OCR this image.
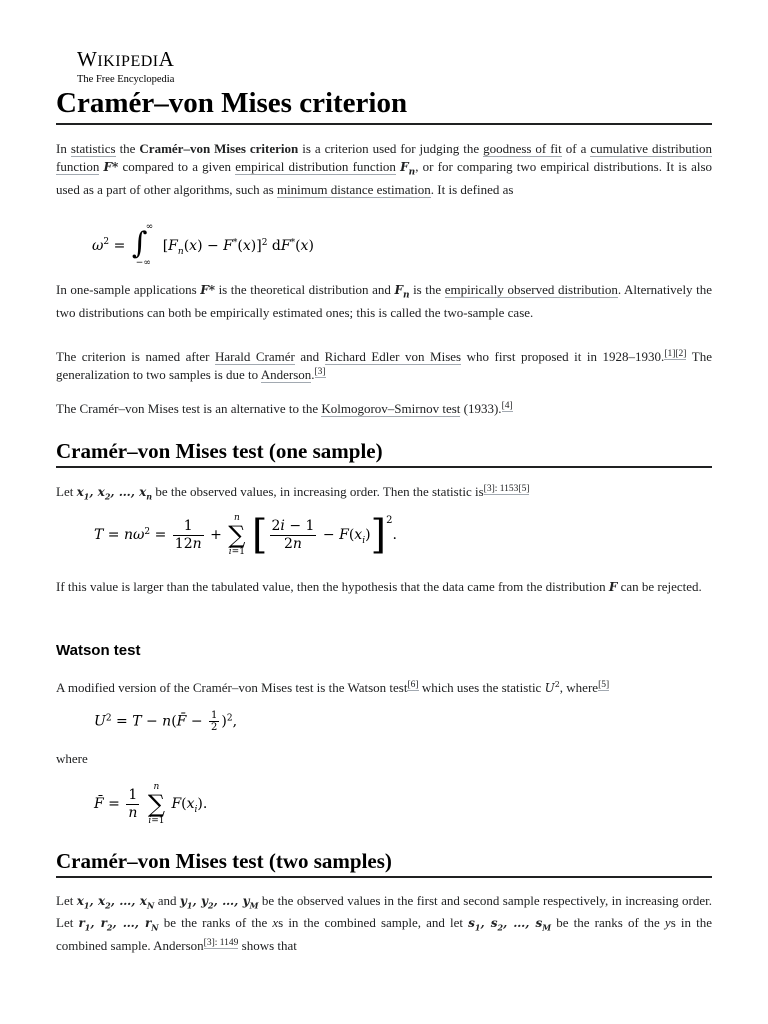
WIKIPEDIA
The Free Encyclopedia
Cramér–von Mises criterion

In statistics the Cramér–von Mises criterion is a criterion used for judging the goodness of fit of a cumulative distribution function F* compared to a given empirical distribution function $F_n$, or for comparing two empirical distributions. It is also used as a part of other algorithms, such as minimum distance estimation. It is defined as

$\omega^2$ = ∫
∞
−∞
$[F_n(x) - F^*(x)]^2$ dF*(x)

In one-sample applications F* is the theoretical distribution and $F_n$ is the empirically observed distribution. Alternatively the two distributions can both be empirically estimated ones; this is called the two-sample case.

The criterion is named after Harald Cramér and Richard Edler von Mises who first proposed it in 1928–1930.[1][2] The generalization to two samples is due to Anderson.[3]

The Cramér–von Mises test is an alternative to the Kolmogorov–Smirnov test (1933).[4]

Cramér–von Mises test (one sample)

Let $x_1$, $x_2$, …, $x_n$ be the observed values, in increasing order. Then the statistic is[3]: 1153[5]

$T = n\omega^2 = \frac{1}{12n}$ +
n
∑
i=1 [ $\frac{2i - 1}{2n} - F(x_i)]^2$.

If this value is larger than the tabulated value, then the hypothesis that the data came from the distribution F can be rejected.

Watson test

A modified version of the Cramér–von Mises test is the Watson test[6] which uses the statistic $U^2$, where[5]

$U^2 = T$ − n(F̄ − $\frac{1}{2} )^2$,

where

F̄ = $\frac{1}{n}$
	n
∑
i=1
$F(x_i)$.
Cramér–von Mises test (two samples)

Let $x_1$, $x_2$, …, $x_N$ and $y_1$, $y_2$, …, $y_M$ be the observed values in the first and second sample respectively, in increasing order. Let $r_1$, $r_2$, …, $r_N$ be the ranks of the xs in the combined sample, and let $s_1$, $s_2$, …, $s_M$ be the ranks of the ys in the combined sample. Anderson$^{[3]: 1149}$ shows that
